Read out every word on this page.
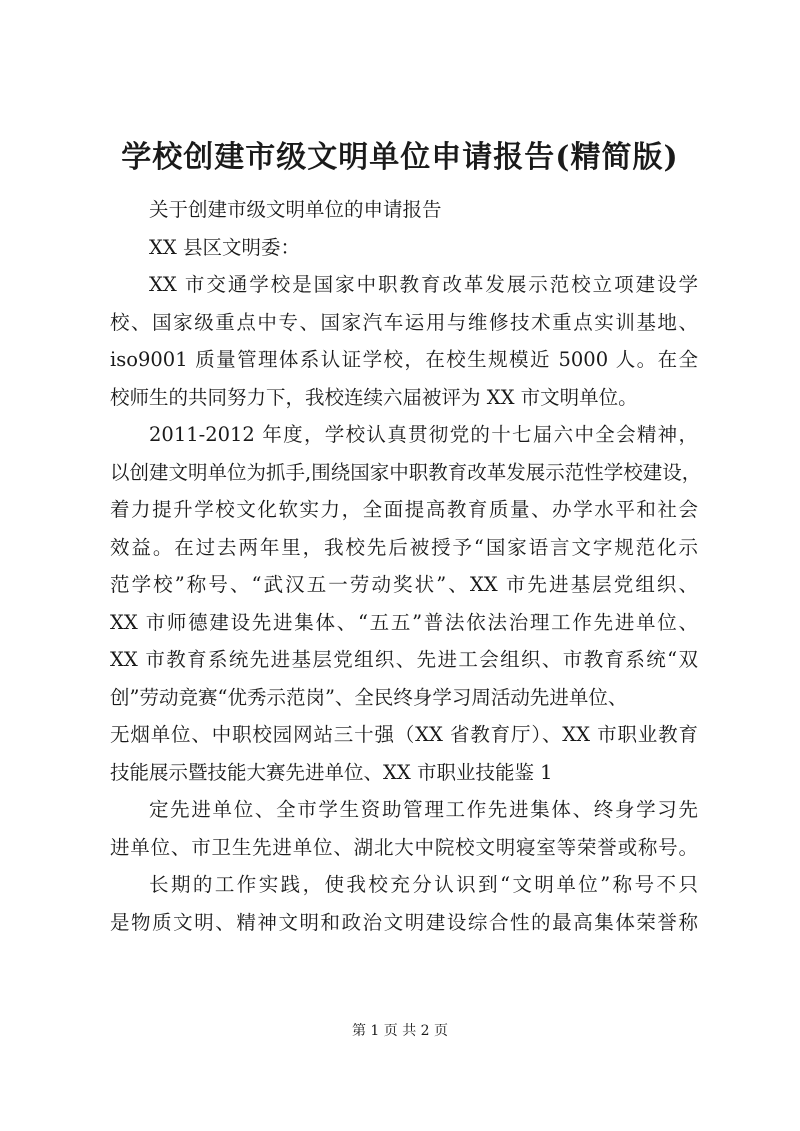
学校创建市级文明单位申请报告(精简版)
关于创建市级文明单位的申请报告
XX 县区文明委：
XX 市交通学校是国家中职教育改革发展示范校立项建设学
校、国家级重点中专、国家汽车运用与维修技术重点实训基地、
iso9001 质量管理体系认证学校，在校生规模近 5000 人。在全
校师生的共同努力下，我校连续六届被评为 XX 市文明单位。
2011-2012 年度，学校认真贯彻党的十七届六中全会精神，
以创建文明单位为抓手,围绕国家中职教育改革发展示范性学校建设，
着力提升学校文化软实力，全面提高教育质量、办学水平和社会
效益。在过去两年里，我校先后被授予“国家语言文字规范化示
范学校”称号、“武汉五一劳动奖状”、XX 市先进基层党组织、
XX 市师德建设先进集体、“五五”普法依法治理工作先进单位、
XX 市教育系统先进基层党组织、先进工会组织、市教育系统“双
创”劳动竞赛“优秀示范岗”、全民终身学习周活动先进单位、
无烟单位、中职校园网站三十强（XX 省教育厅）、XX 市职业教育
技能展示暨技能大赛先进单位、XX 市职业技能鉴 1
定先进单位、全市学生资助管理工作先进集体、终身学习先
进单位、市卫生先进单位、湖北大中院校文明寝室等荣誉或称号。
长期的工作实践，使我校充分认识到“文明单位”称号不只
是物质文明、精神文明和政治文明建设综合性的最高集体荣誉称
第 1 页 共 2 页
